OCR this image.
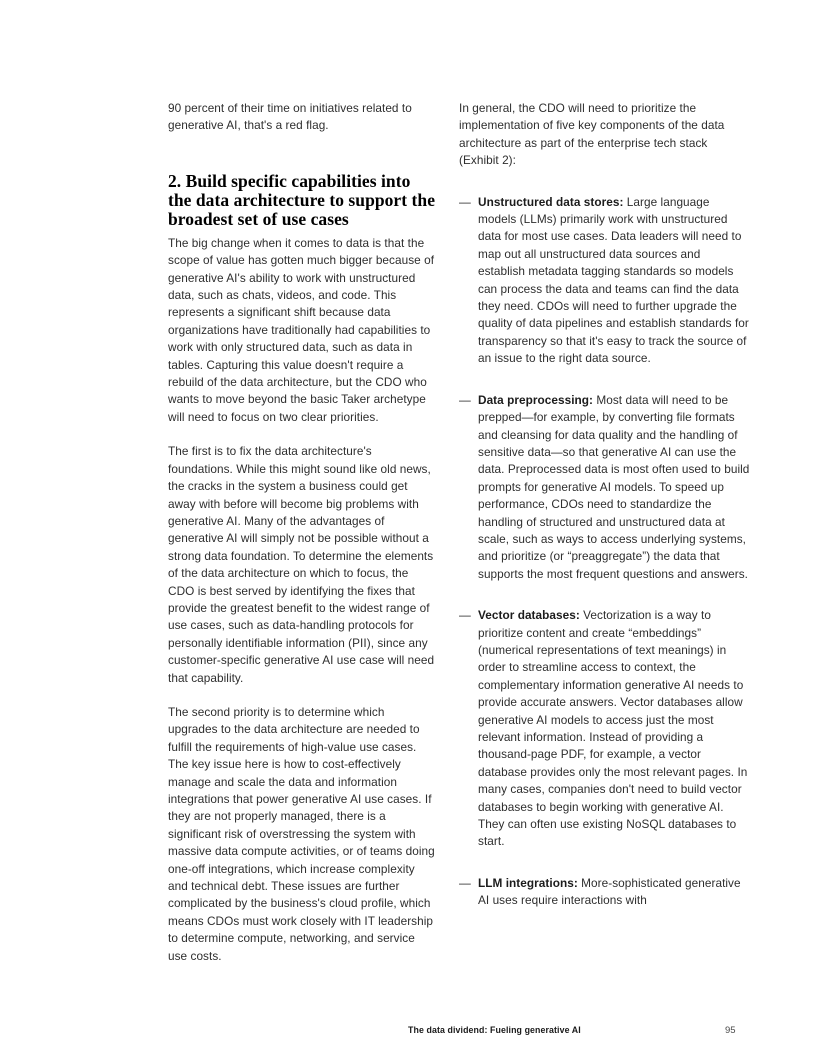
90 percent of their time on initiatives related to generative AI, that's a red flag.

2. Build specific capabilities into the data architecture to support the broadest set of use cases

The big change when it comes to data is that the scope of value has gotten much bigger because of generative AI's ability to work with unstructured data, such as chats, videos, and code. This represents a significant shift because data organizations have traditionally had capabilities to work with only structured data, such as data in tables. Capturing this value doesn't require a rebuild of the data architecture, but the CDO who wants to move beyond the basic Taker archetype will need to focus on two clear priorities.

The first is to fix the data architecture's foundations. While this might sound like old news, the cracks in the system a business could get away with before will become big problems with generative AI. Many of the advantages of generative AI will simply not be possible without a strong data foundation. To determine the elements of the data architecture on which to focus, the CDO is best served by identifying the fixes that provide the greatest benefit to the widest range of use cases, such as data-handling protocols for personally identifiable information (PII), since any customer-specific generative AI use case will need that capability.

The second priority is to determine which upgrades to the data architecture are needed to fulfill the requirements of high-value use cases. The key issue here is how to cost-effectively manage and scale the data and information integrations that power generative AI use cases. If they are not properly managed, there is a significant risk of overstressing the system with massive data compute activities, or of teams doing one-off integrations, which increase complexity and technical debt. These issues are further complicated by the business's cloud profile, which means CDOs must work closely with IT leadership to determine compute, networking, and service use costs.

In general, the CDO will need to prioritize the implementation of five key components of the data architecture as part of the enterprise tech stack (Exhibit 2):

— Unstructured data stores: Large language models (LLMs) primarily work with unstructured data for most use cases. Data leaders will need to map out all unstructured data sources and establish metadata tagging standards so models can process the data and teams can find the data they need. CDOs will need to further upgrade the quality of data pipelines and establish standards for transparency so that it's easy to track the source of an issue to the right data source.
— Data preprocessing: Most data will need to be prepped—for example, by converting file formats and cleansing for data quality and the handling of sensitive data—so that generative AI can use the data. Preprocessed data is most often used to build prompts for generative AI models. To speed up performance, CDOs need to standardize the handling of structured and unstructured data at scale, such as ways to access underlying systems, and prioritize (or “preaggregate”) the data that supports the most frequent questions and answers.
— Vector databases: Vectorization is a way to prioritize content and create “embeddings” (numerical representations of text meanings) in order to streamline access to context, the complementary information generative AI needs to provide accurate answers. Vector databases allow generative AI models to access just the most relevant information. Instead of providing a thousand-page PDF, for example, a vector database provides only the most relevant pages. In many cases, companies don't need to build vector databases to begin working with generative AI. They can often use existing NoSQL databases to start.
— LLM integrations: More-sophisticated generative AI uses require interactions with
The data dividend: Fueling generative AI	95
